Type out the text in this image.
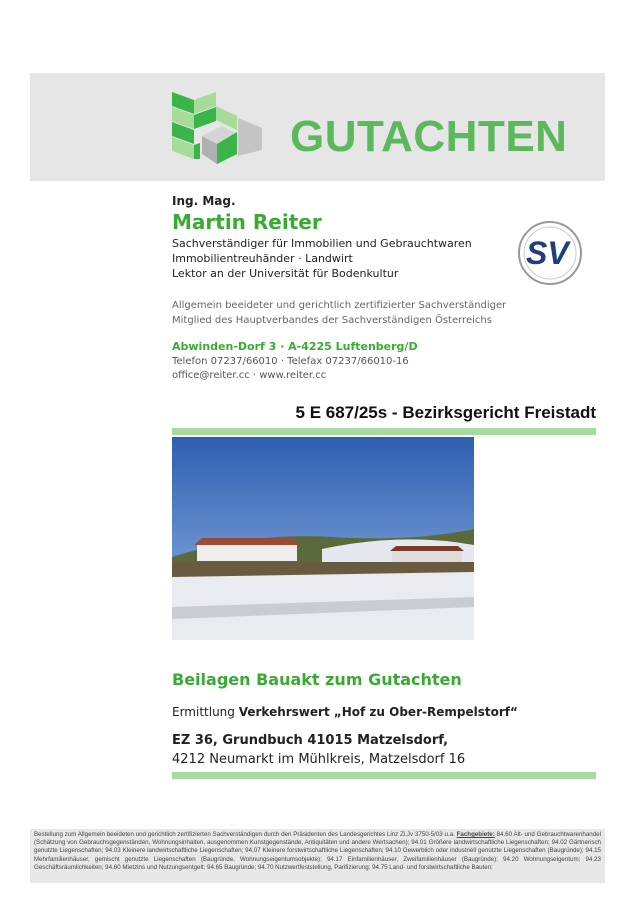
GUTACHTEN
Ing. Mag.
Martin Reiter
Sachverständiger für Immobilien und Gebrauchtwaren
Immobilientreuhänder · Landwirt
Lektor an der Universität für Bodenkultur
SV
Allgemein beeideter und gerichtlich zertifizierter Sachverständiger
Mitglied des Hauptverbandes der Sachverständigen Österreichs
Abwinden-Dorf 3 · A-4225 Luftenberg/D
Telefon 07237/66010 · Telefax 07237/66010-16
office@reiter.cc · www.reiter.cc
5 E 687/25s - Bezirksgericht Freistadt
Beilagen Bauakt zum Gutachten
Ermittlung Verkehrswert „Hof zu Ober-Rempelstorf“
EZ 36, Grundbuch 41015 Matzelsdorf,
4212 Neumarkt im Mühlkreis, Matzelsdorf 16
Bestellung zum Allgemein beeideten und gerichtlich zertifizierten Sachverständigen durch den Präsidenten des Landesgerichtes Linz Zl.Jv 3750-5/03 u.a. Fachgebiete: 84.60 Alt- und Gebrauchtwarenhandel (Schätzung von Gebrauchsgegenständen, Wohnungsinhalten, ausgenommen Kunstgegenstände, Antiquitäten und andere Wertsachen); 94.01 Größere landwirtschaftliche Liegenschaften; 94.02 Gärtnerisch genutzte Liegenschaften; 94.03 Kleinere landwirtschaftliche Liegenschaften; 94.07 Kleinere forstwirtschaftliche Liegenschaften; 94.10 Gewerblich oder industriell genutzte Liegenschaften (Baugründe); 94.15 Mehrfamilienhäuser, gemischt genutzte Liegenschaften (Baugründe, Wohnungseigentumsobjekte); 94.17 Einfamilienhäuser, Zweifamilienhäuser (Baugründe); 94.20 Wohnungseigentum; 94.23 Geschäftsräumlichkeiten; 94.60 Mietzins und Nutzungsentgelt; 94.65 Baugründe; 94.70 Nutzwertfeststellung, Parifizierung; 94.75 Land- und forstwirtschaftliche Bauten;
